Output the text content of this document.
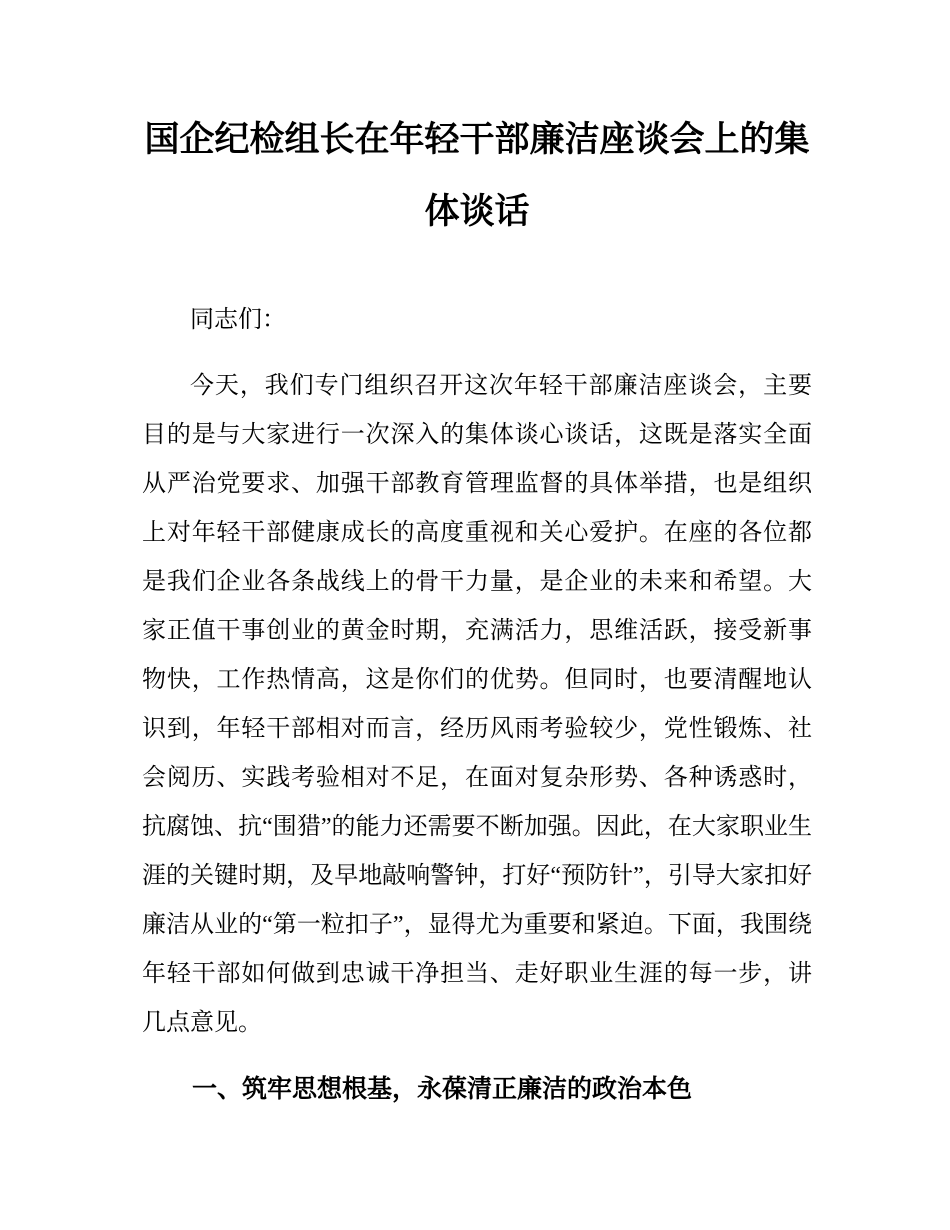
国企纪检组长在年轻干部廉洁座谈会上的集体谈话

同志们：

今天，我们专门组织召开这次年轻干部廉洁座谈会，主要目的是与大家进行一次深入的集体谈心谈话，这既是落实全面从严治党要求、加强干部教育管理监督的具体举措，也是组织上对年轻干部健康成长的高度重视和关心爱护。在座的各位都是我们企业各条战线上的骨干力量，是企业的未来和希望。大家正值干事创业的黄金时期，充满活力，思维活跃，接受新事物快，工作热情高，这是你们的优势。但同时，也要清醒地认识到，年轻干部相对而言，经历风雨考验较少，党性锻炼、社会阅历、实践考验相对不足，在面对复杂形势、各种诱惑时，抗腐蚀、抗“围猎”的能力还需要不断加强。因此，在大家职业生涯的关键时期，及早地敲响警钟，打好“预防针”，引导大家扣好廉洁从业的“第一粒扣子”，显得尤为重要和紧迫。下面，我围绕年轻干部如何做到忠诚干净担当、走好职业生涯的每一步，讲几点意见。

一、筑牢思想根基，永葆清正廉洁的政治本色
